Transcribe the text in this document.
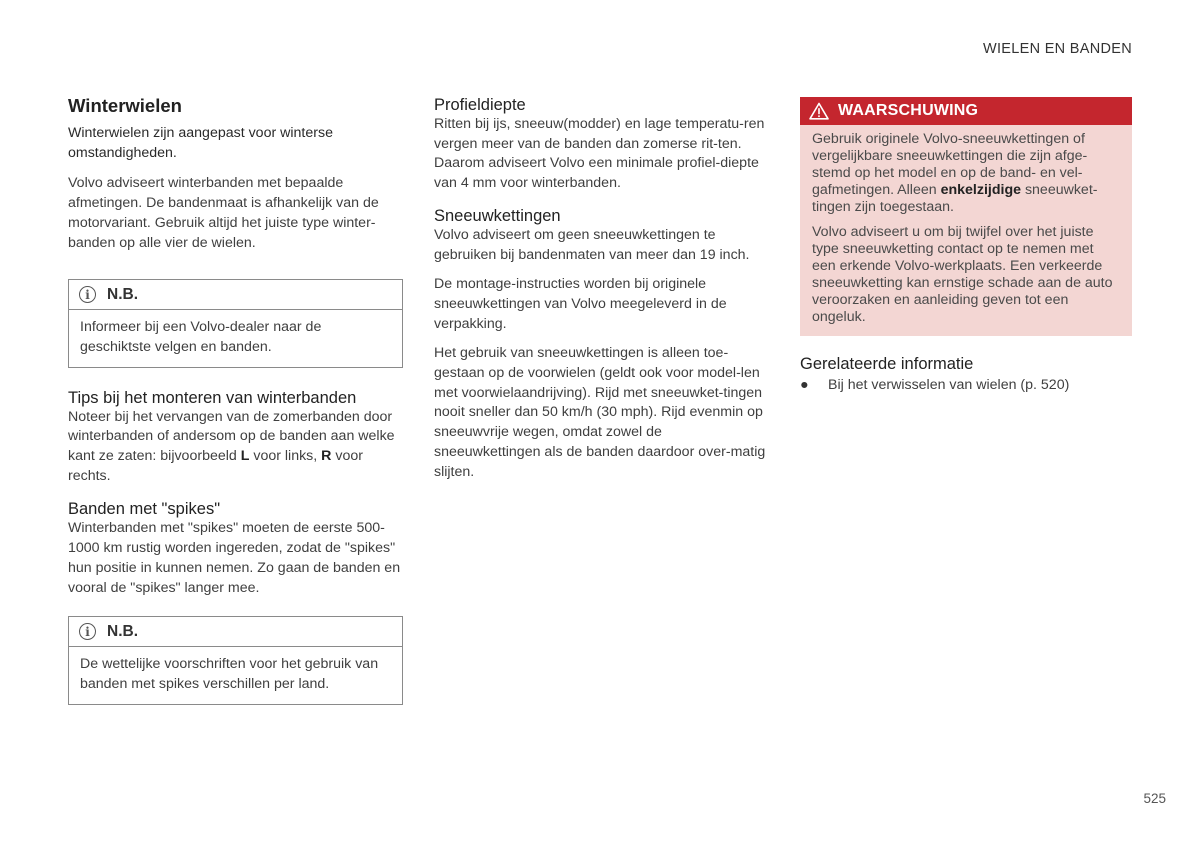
WIELEN EN BANDEN
Winterwielen

Winterwielen zijn aangepast voor winterse omstandigheden.

Volvo adviseert winterbanden met bepaalde afmetingen. De bandenmaat is afhankelijk van de motorvariant. Gebruik altijd het juiste type winter-banden op alle vier de wielen.

i	N.B.

Informeer bij een Volvo-dealer naar de geschiktste velgen en banden.

Tips bij het monteren van winterbanden

Noteer bij het vervangen van de zomerbanden door winterbanden of andersom op de banden aan welke kant ze zaten: bijvoorbeeld L voor links, R voor rechts.

Banden met "spikes"

Winterbanden met "spikes" moeten de eerste 500-1000 km rustig worden ingereden, zodat de "spikes" hun positie in kunnen nemen. Zo gaan de banden en vooral de "spikes" langer mee.

i	N.B.

De wettelijke voorschriften voor het gebruik van banden met spikes verschillen per land.

Profieldiepte

Ritten bij ijs, sneeuw(modder) en lage temperatu-ren vergen meer van de banden dan zomerse rit-ten. Daarom adviseert Volvo een minimale profiel-diepte van 4 mm voor winterbanden.

Sneeuwkettingen

Volvo adviseert om geen sneeuwkettingen te gebruiken bij bandenmaten van meer dan 19 inch.

De montage-instructies worden bij originele sneeuwkettingen van Volvo meegeleverd in de verpakking.

Het gebruik van sneeuwkettingen is alleen toe-gestaan op de voorwielen (geldt ook voor model-len met voorwielaandrijving). Rijd met sneeuwket-tingen nooit sneller dan 50 km/h (30 mph). Rijd evenmin op sneeuwvrije wegen, omdat zowel de sneeuwkettingen als de banden daardoor over-matig slijten.

WAARSCHUWING

Gebruik originele Volvo-sneeuwkettingen of vergelijkbare sneeuwkettingen die zijn afge-stemd op het model en op de band- en vel-gafmetingen. Alleen enkelzijdige sneeuwket-tingen zijn toegestaan.

Volvo adviseert u om bij twijfel over het juiste type sneeuwketting contact op te nemen met een erkende Volvo-werkplaats. Een verkeerde sneeuwketting kan ernstige schade aan de auto veroorzaken en aanleiding geven tot een ongeluk.

Gerelateerde informatie
●	Bij het verwisselen van wielen (p. 520)
525
